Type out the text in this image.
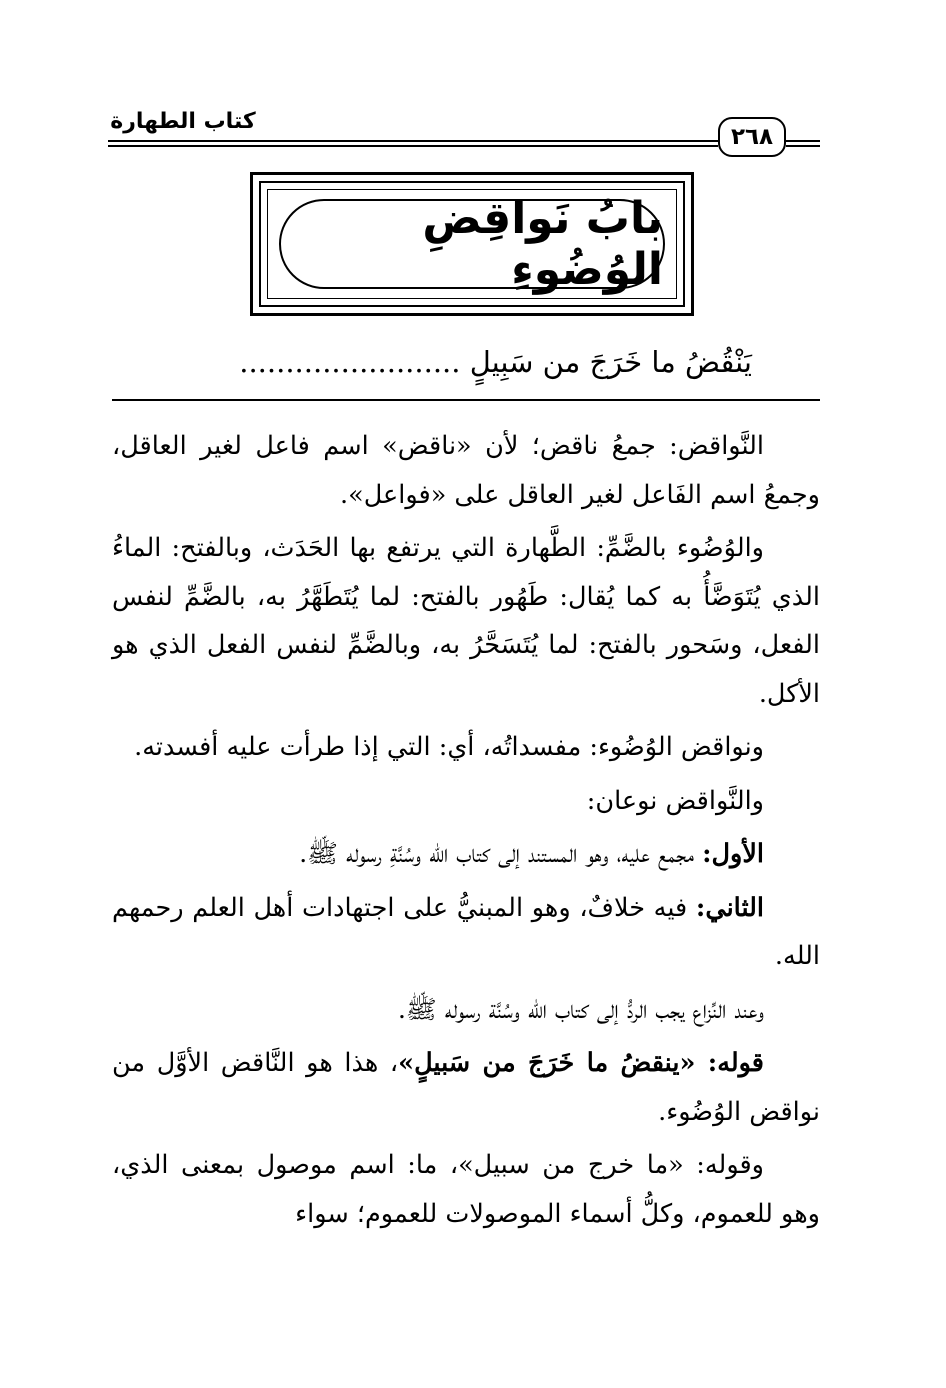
كتاب الطهارة
٢٦٨
بابُ نَواقِضِ الوُضُوءِ
يَنْقُضُ ما خَرَجَ من سَبِيلٍ ........................

النَّواقض: جمعُ ناقض؛ لأن «ناقض» اسم فاعل لغير العاقل، وجمعُ اسم الفَاعل لغير العاقل على «فواعل».

والوُضُوء بالضَّمِّ: الطَّهارة التي يرتفع بها الحَدَث، وبالفتح: الماءُ الذي يُتَوَضَّأُ به كما يُقال: طَهُور بالفتح: لما يُتَطَهَّرُ به، بالضَّمِّ لنفس الفعل، وسَحور بالفتح: لما يُتَسَحَّرُ به، وبالضَّمِّ لنفس الفعل الذي هو الأكل.

ونواقض الوُضُوء: مفسداتُه، أي: التي إذا طرأت عليه أفسدته.

والنَّواقض نوعان:

الأول: مجمع عليه، وهو المستند إلى كتاب الله وسُنَّةِ رسوله ﷺ.

الثاني: فيه خلافٌ، وهو المبنيُّ على اجتهادات أهل العلم رحمهم الله.

وعند النِّزاع يجب الردُّ إلى كتاب الله وسُنَّة رسوله ﷺ.

قوله: «ينقضُ ما خَرَجَ من سَبيلٍ»، هذا هو النَّاقض الأوَّل من نواقض الوُضُوء.

وقوله: «ما خرج من سبيل»، ما: اسم موصول بمعنى الذي، وهو للعموم، وكلُّ أسماء الموصولات للعموم؛ سواء
